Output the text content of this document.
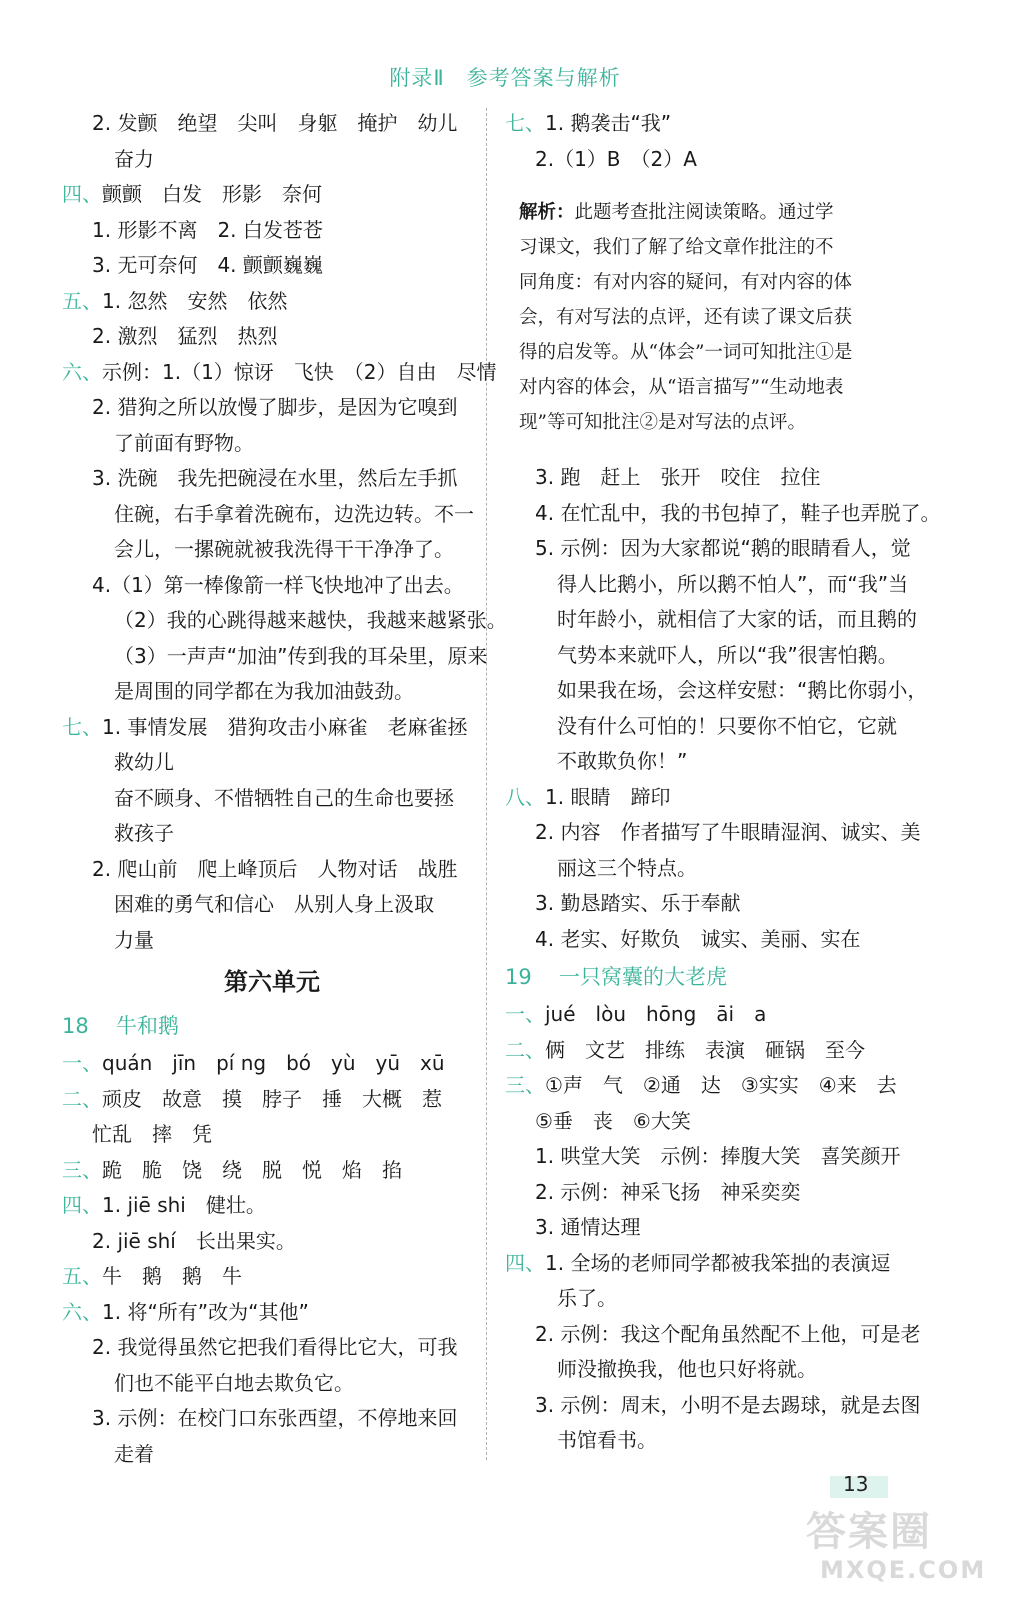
附录Ⅱ 参考答案与解析
2. 发颤　绝望　尖叫　身躯　掩护　幼儿
奋力
四、颤颤　白发　形影　奈何
1. 形影不离　2. 白发苍苍
3. 无可奈何　4. 颤颤巍巍
五、1. 忽然　安然　依然
2. 激烈　猛烈　热烈
六、示例：1.（1）惊讶　飞快　（2）自由　尽情
2. 猎狗之所以放慢了脚步，是因为它嗅到
了前面有野物。
3. 洗碗　我先把碗浸在水里，然后左手抓
住碗，右手拿着洗碗布，边洗边转。不一
会儿，一摞碗就被我洗得干干净净了。
4.（1）第一棒像箭一样飞快地冲了出去。
（2）我的心跳得越来越快，我越来越紧张。
（3）一声声“加油”传到我的耳朵里，原来
是周围的同学都在为我加油鼓劲。
七、1. 事情发展　猎狗攻击小麻雀　老麻雀拯
救幼儿
奋不顾身、不惜牺牲自己的生命也要拯
救孩子
2. 爬山前　爬上峰顶后　人物对话　战胜
困难的勇气和信心　从别人身上汲取
力量
第六单元
18 牛和鹅
一、quán　jīn　pí ng　bó　yù　yū　xū
二、顽皮　故意　摸　脖子　捶　大概　惹
忙乱　摔　凭
三、跪　脆　饶　绕　脱　悦　焰　掐
四、1. jiē shi　健壮。
2. jiē shí　长出果实。
五、牛　鹅　鹅　牛
六、1. 将“所有”改为“其他”
2. 我觉得虽然它把我们看得比它大，可我
们也不能平白地去欺负它。
3. 示例：在校门口东张西望，不停地来回
走着
七、1. 鹅袭击“我”
2.（1）B　（2）A
解析：此题考查批注阅读策略。通过学
习课文，我们了解了给文章作批注的不
同角度：有对内容的疑问，有对内容的体
会，有对写法的点评，还有读了课文后获
得的启发等。从“体会”一词可知批注①是
对内容的体会，从“语言描写”“生动地表
现”等可知批注②是对写法的点评。
3. 跑　赶上　张开　咬住　拉住
4. 在忙乱中，我的书包掉了，鞋子也弄脱了。
5. 示例：因为大家都说“鹅的眼睛看人，觉
得人比鹅小，所以鹅不怕人”，而“我”当
时年龄小，就相信了大家的话，而且鹅的
气势本来就吓人，所以“我”很害怕鹅。
如果我在场，会这样安慰：“鹅比你弱小，
没有什么可怕的！只要你不怕它，它就
不敢欺负你！”
八、1. 眼睛　蹄印
2. 内容　作者描写了牛眼睛湿润、诚实、美
丽这三个特点。
3. 勤恳踏实、乐于奉献
4. 老实、好欺负　诚实、美丽、实在
19 一只窝囊的大老虎
一、jué　lòu　hōng　āi　a
二、俩　文艺　排练　表演　砸锅　至今
三、①声　气　②通　达　③实实　④来　去
⑤垂　丧　⑥大笑
1. 哄堂大笑　示例：捧腹大笑　喜笑颜开
2. 示例：神采飞扬　神采奕奕
3. 通情达理
四、1. 全场的老师同学都被我笨拙的表演逗
乐了。
2. 示例：我这个配角虽然配不上他，可是老
师没撤换我，他也只好将就。
3. 示例：周末，小明不是去踢球，就是去图
书馆看书。
13
答案圈
MXQE.COM
